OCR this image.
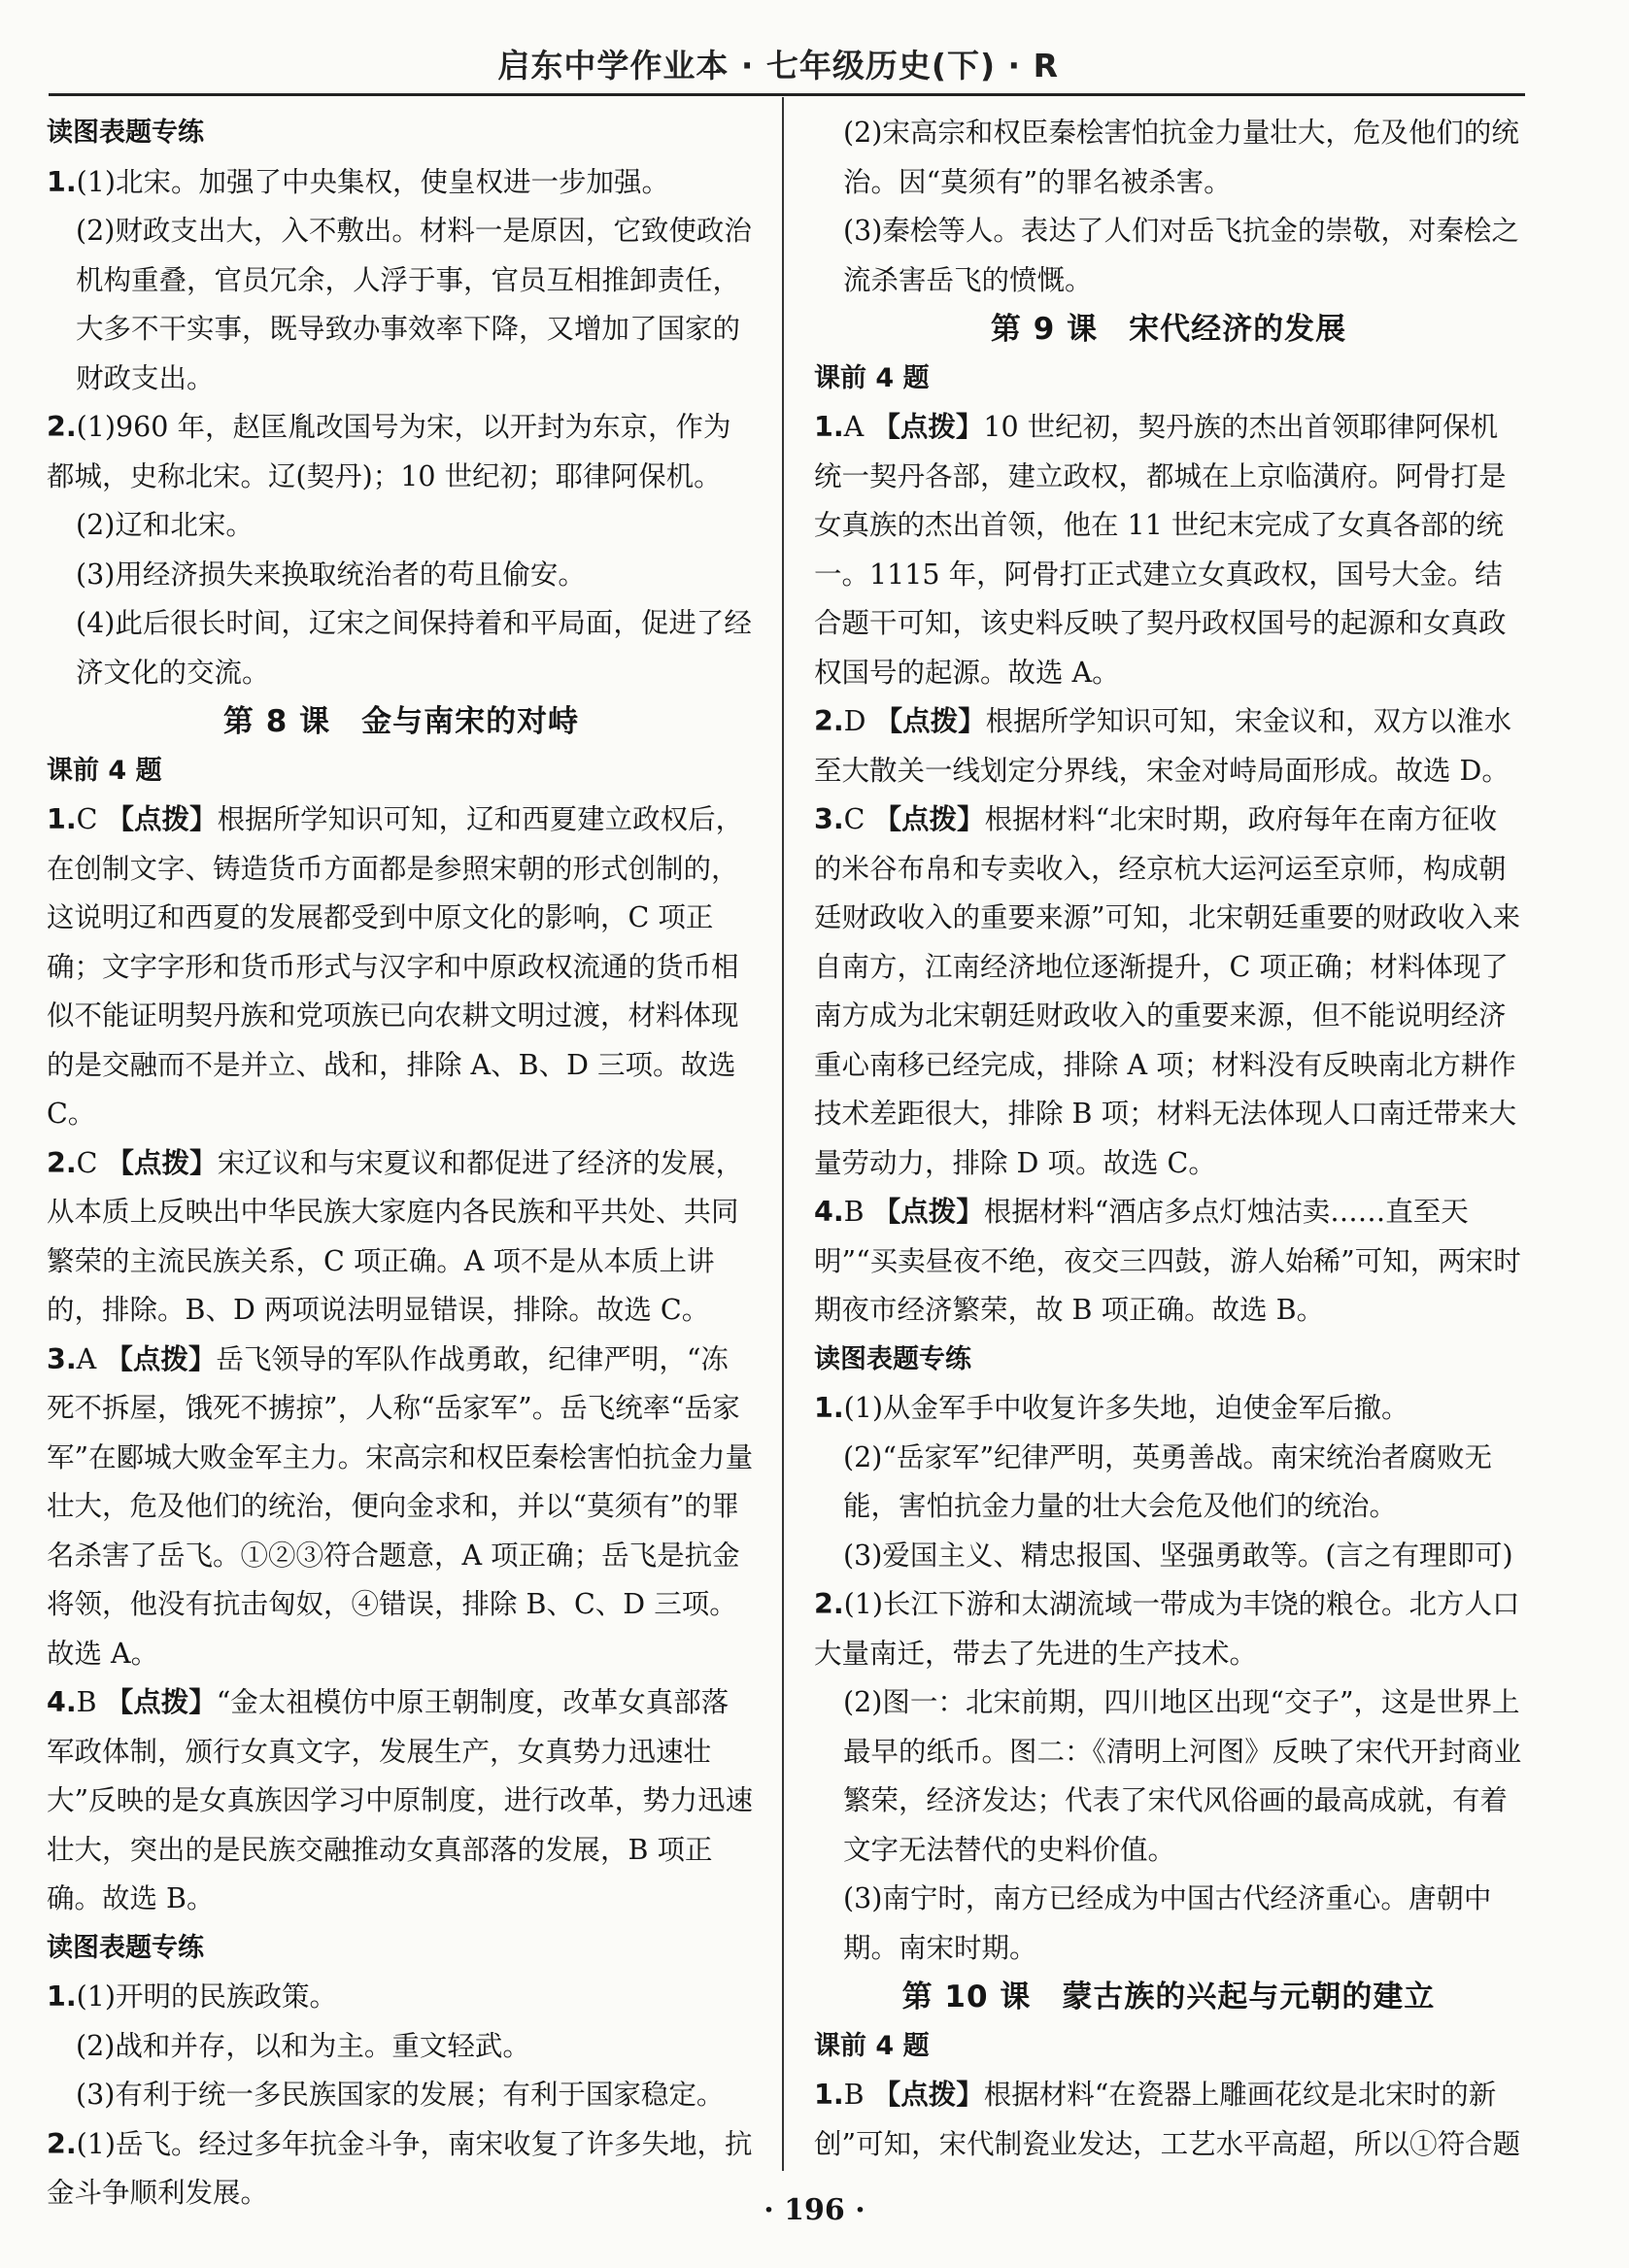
启东中学作业本 · 七年级历史(下) · R

读图表题专练

1.(1)北宋。加强了中央集权，使皇权进一步加强。

(2)财政支出大，入不敷出。材料一是原因，它致使政治机构重叠，官员冗余，人浮于事，官员互相推卸责任，大多不干实事，既导致办事效率下降，又增加了国家的财政支出。

2.(1)960 年，赵匡胤改国号为宋，以开封为东京，作为都城，史称北宋。辽(契丹)；10 世纪初；耶律阿保机。

(2)辽和北宋。

(3)用经济损失来换取统治者的苟且偷安。

(4)此后很长时间，辽宋之间保持着和平局面，促进了经济文化的交流。

第 8 课　金与南宋的对峙

课前 4 题

1.C 【点拨】根据所学知识可知，辽和西夏建立政权后，在创制文字、铸造货币方面都是参照宋朝的形式创制的，这说明辽和西夏的发展都受到中原文化的影响，C 项正确；文字字形和货币形式与汉字和中原政权流通的货币相似不能证明契丹族和党项族已向农耕文明过渡，材料体现的是交融而不是并立、战和，排除 A、B、D 三项。故选 C。

2.C 【点拨】宋辽议和与宋夏议和都促进了经济的发展，从本质上反映出中华民族大家庭内各民族和平共处、共同繁荣的主流民族关系，C 项正确。A 项不是从本质上讲的，排除。B、D 两项说法明显错误，排除。故选 C。

3.A 【点拨】岳飞领导的军队作战勇敢，纪律严明，“冻死不拆屋，饿死不掳掠”，人称“岳家军”。岳飞统率“岳家军”在郾城大败金军主力。宋高宗和权臣秦桧害怕抗金力量壮大，危及他们的统治，便向金求和，并以“莫须有”的罪名杀害了岳飞。①②③符合题意，A 项正确；岳飞是抗金将领，他没有抗击匈奴，④错误，排除 B、C、D 三项。故选 A。

4.B 【点拨】“金太祖模仿中原王朝制度，改革女真部落军政体制，颁行女真文字，发展生产，女真势力迅速壮大”反映的是女真族因学习中原制度，进行改革，势力迅速壮大，突出的是民族交融推动女真部落的发展，B 项正确。故选 B。

读图表题专练

1.(1)开明的民族政策。

(2)战和并存，以和为主。重文轻武。

(3)有利于统一多民族国家的发展；有利于国家稳定。

2.(1)岳飞。经过多年抗金斗争，南宋收复了许多失地，抗金斗争顺利发展。

(2)宋高宗和权臣秦桧害怕抗金力量壮大，危及他们的统治。因“莫须有”的罪名被杀害。

(3)秦桧等人。表达了人们对岳飞抗金的崇敬，对秦桧之流杀害岳飞的愤慨。

第 9 课　宋代经济的发展

课前 4 题

1.A 【点拨】10 世纪初，契丹族的杰出首领耶律阿保机统一契丹各部，建立政权，都城在上京临潢府。阿骨打是女真族的杰出首领，他在 11 世纪末完成了女真各部的统一。1115 年，阿骨打正式建立女真政权，国号大金。结合题干可知，该史料反映了契丹政权国号的起源和女真政权国号的起源。故选 A。

2.D 【点拨】根据所学知识可知，宋金议和，双方以淮水至大散关一线划定分界线，宋金对峙局面形成。故选 D。

3.C 【点拨】根据材料“北宋时期，政府每年在南方征收的米谷布帛和专卖收入，经京杭大运河运至京师，构成朝廷财政收入的重要来源”可知，北宋朝廷重要的财政收入来自南方，江南经济地位逐渐提升，C 项正确；材料体现了南方成为北宋朝廷财政收入的重要来源，但不能说明经济重心南移已经完成，排除 A 项；材料没有反映南北方耕作技术差距很大，排除 B 项；材料无法体现人口南迁带来大量劳动力，排除 D 项。故选 C。

4.B 【点拨】根据材料“酒店多点灯烛沽卖……直至天明”“买卖昼夜不绝，夜交三四鼓，游人始稀”可知，两宋时期夜市经济繁荣，故 B 项正确。故选 B。

读图表题专练

1.(1)从金军手中收复许多失地，迫使金军后撤。

(2)“岳家军”纪律严明，英勇善战。南宋统治者腐败无能，害怕抗金力量的壮大会危及他们的统治。

(3)爱国主义、精忠报国、坚强勇敢等。(言之有理即可)

2.(1)长江下游和太湖流域一带成为丰饶的粮仓。北方人口大量南迁，带去了先进的生产技术。

(2)图一：北宋前期，四川地区出现“交子”，这是世界上最早的纸币。图二：《清明上河图》反映了宋代开封商业繁荣，经济发达；代表了宋代风俗画的最高成就，有着文字无法替代的史料价值。

(3)南宁时，南方已经成为中国古代经济重心。唐朝中期。南宋时期。

第 10 课　蒙古族的兴起与元朝的建立

课前 4 题

1.B 【点拨】根据材料“在瓷器上雕画花纹是北宋时的新创”可知，宋代制瓷业发达，工艺水平高超，所以①符合题

· 196 ·
